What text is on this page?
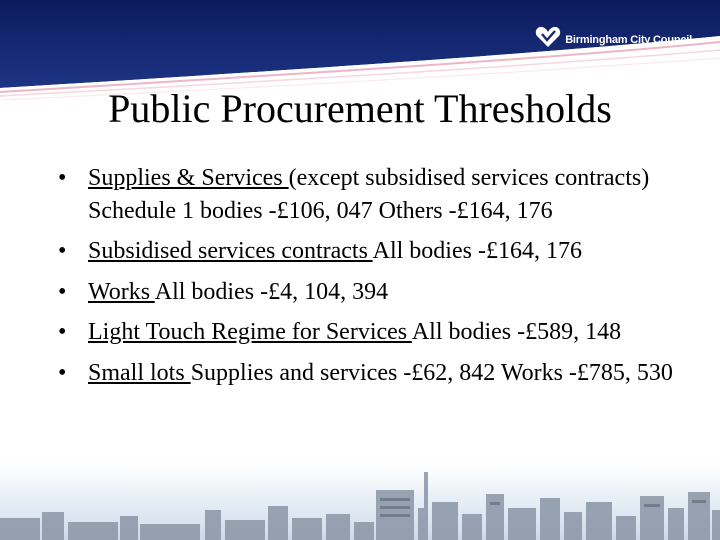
Birmingham City Council
Public Procurement Thresholds
• Supplies & Services (except subsidised services contracts) Schedule 1 bodies -£106, 047 Others -£164, 176
• Subsidised services contracts All bodies -£164, 176
• Works All bodies -£4, 104, 394
• Light Touch Regime for Services All bodies -£589, 148
• Small lots Supplies and services -£62, 842 Works -£785, 530
